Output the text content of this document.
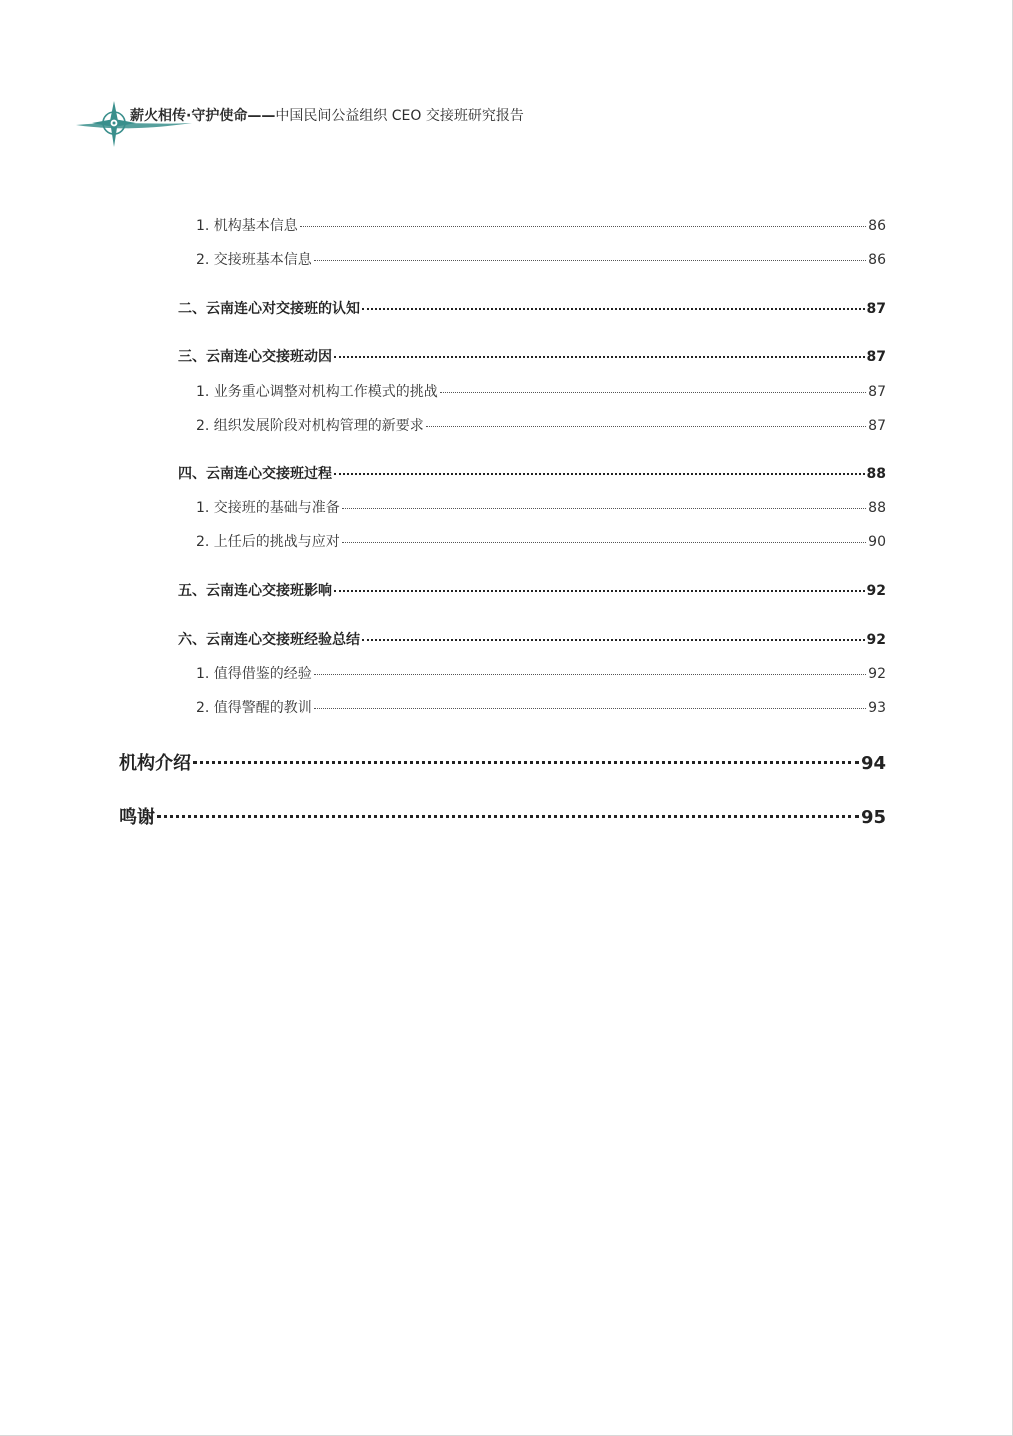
薪火相传·守护使命——中国民间公益组织 CEO 交接班研究报告
1. 机构基本信息	86
2. 交接班基本信息	86
二、云南连心对交接班的认知	87
三、云南连心交接班动因	87
1. 业务重心调整对机构工作模式的挑战	87
2. 组织发展阶段对机构管理的新要求	87
四、云南连心交接班过程	88
1. 交接班的基础与准备	88
2. 上任后的挑战与应对	90
五、云南连心交接班影响	92
六、云南连心交接班经验总结	92
1. 值得借鉴的经验	92
2. 值得警醒的教训	93
机构介绍	94
鸣谢	95
